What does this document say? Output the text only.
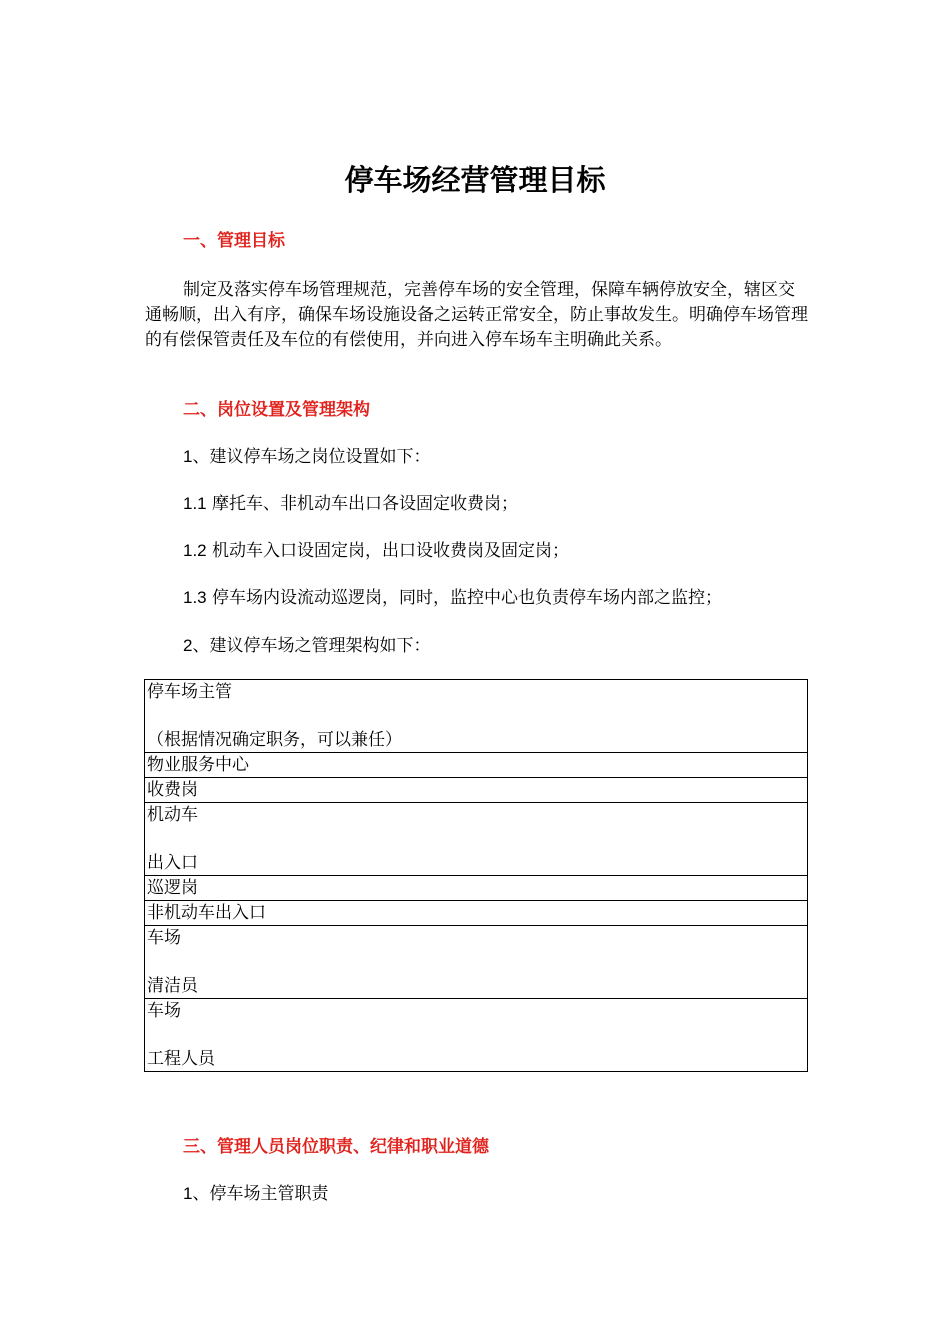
停车场经营管理目标
一、管理目标

制定及落实停车场管理规范，完善停车场的安全管理，保障车辆停放安全，辖区交通畅顺，出入有序，确保车场设施设备之运转正常安全，防止事故发生。明确停车场管理的有偿保管责任及车位的有偿使用，并向进入停车场车主明确此关系。

二、岗位设置及管理架构

1、建议停车场之岗位设置如下：

1.1 摩托车、非机动车出口各设固定收费岗；

1.2 机动车入口设固定岗，出口设收费岗及固定岗；

1.3 停车场内设流动巡逻岗，同时，监控中心也负责停车场内部之监控；

2、建议停车场之管理架构如下：

停车场主管
（根据情况确定职务，可以兼任）

物业服务中心

收费岗

机动车
出入口

巡逻岗

非机动车出入口

车场
清洁员

车场
工程人员
三、管理人员岗位职责、纪律和职业道德

1、停车场主管职责
